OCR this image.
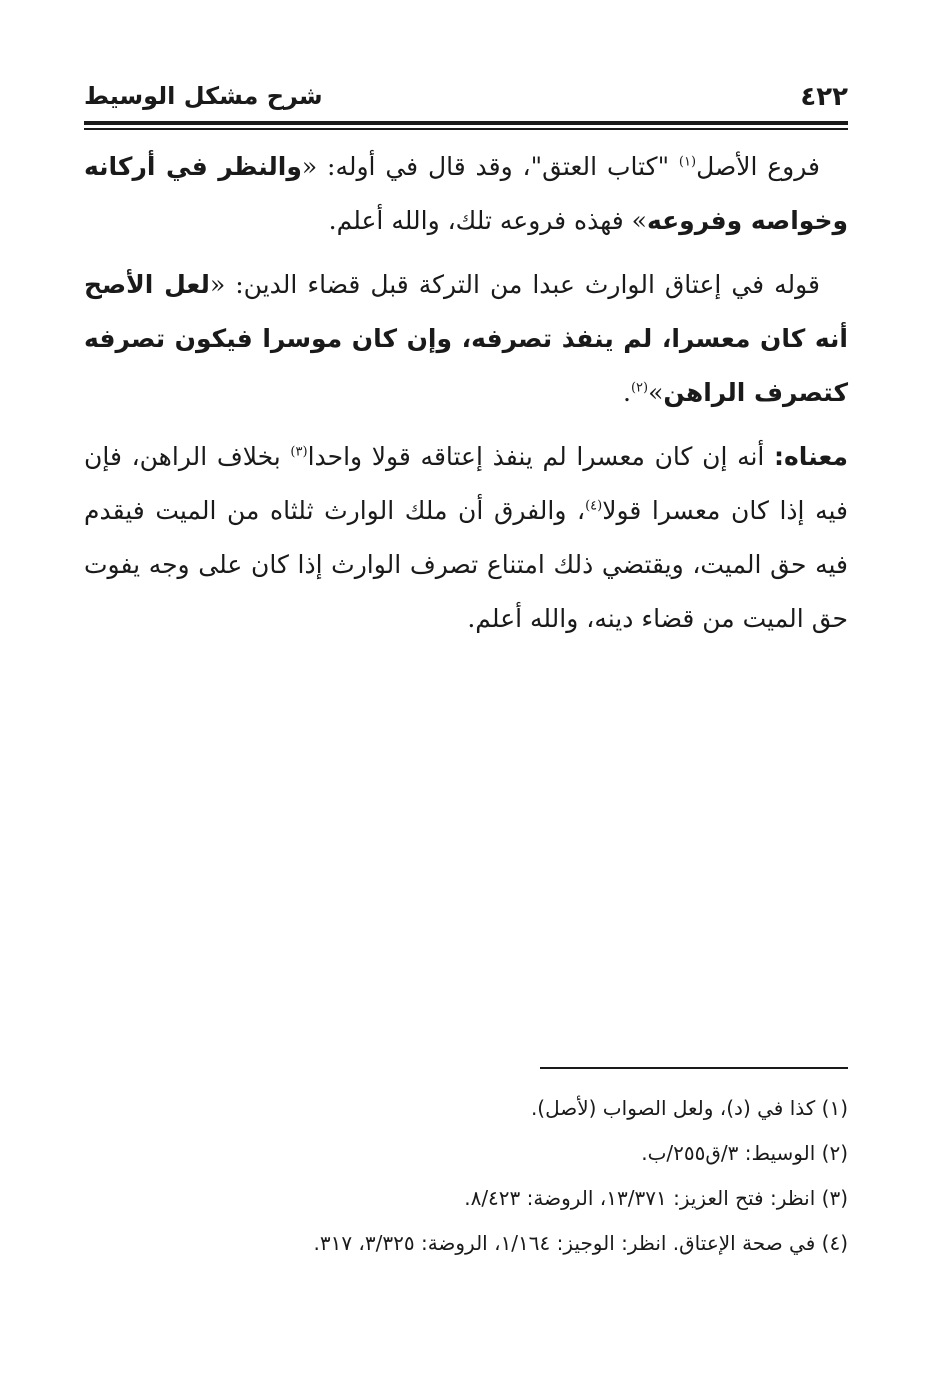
٤٢٢
شرح مشكل الوسيط

فروع الأصل$^{(١)}$ "كتاب العتق"، وقد قال في أوله: «والنظر في أركانه وخواصه وفروعه» فهذه فروعه تلك، والله أعلم.

قوله في إعتاق الوارث عبدا من التركة قبل قضاء الدين: «لعل الأصح أنه كان معسرا، لم ينفذ تصرفه، وإن كان موسرا فيكون تصرفه كتصرف الراهن»$^{(٢)}$.

معناه: أنه إن كان معسرا لم ينفذ إعتاقه قولا واحدا$^{(٣)}$ بخلاف الراهن، فإن فيه إذا كان معسرا قولا$^{(٤)}$، والفرق أن ملك الوارث ثلثاه من الميت فيقدم فيه حق الميت، ويقتضي ذلك امتناع تصرف الوارث إذا كان على وجه يفوت حق الميت من قضاء دينه، والله أعلم.

(١) كذا في (د)، ولعل الصواب (لأصل).
(٢) الوسيط: ٣/ق٢٥٥/ب.
(٣) انظر: فتح العزيز: ١٣/٣٧١، الروضة: ٨/٤٢٣.
(٤) في صحة الإعتاق. انظر: الوجيز: ١/١٦٤، الروضة: ٣/٣٢٥، ٣١٧.
